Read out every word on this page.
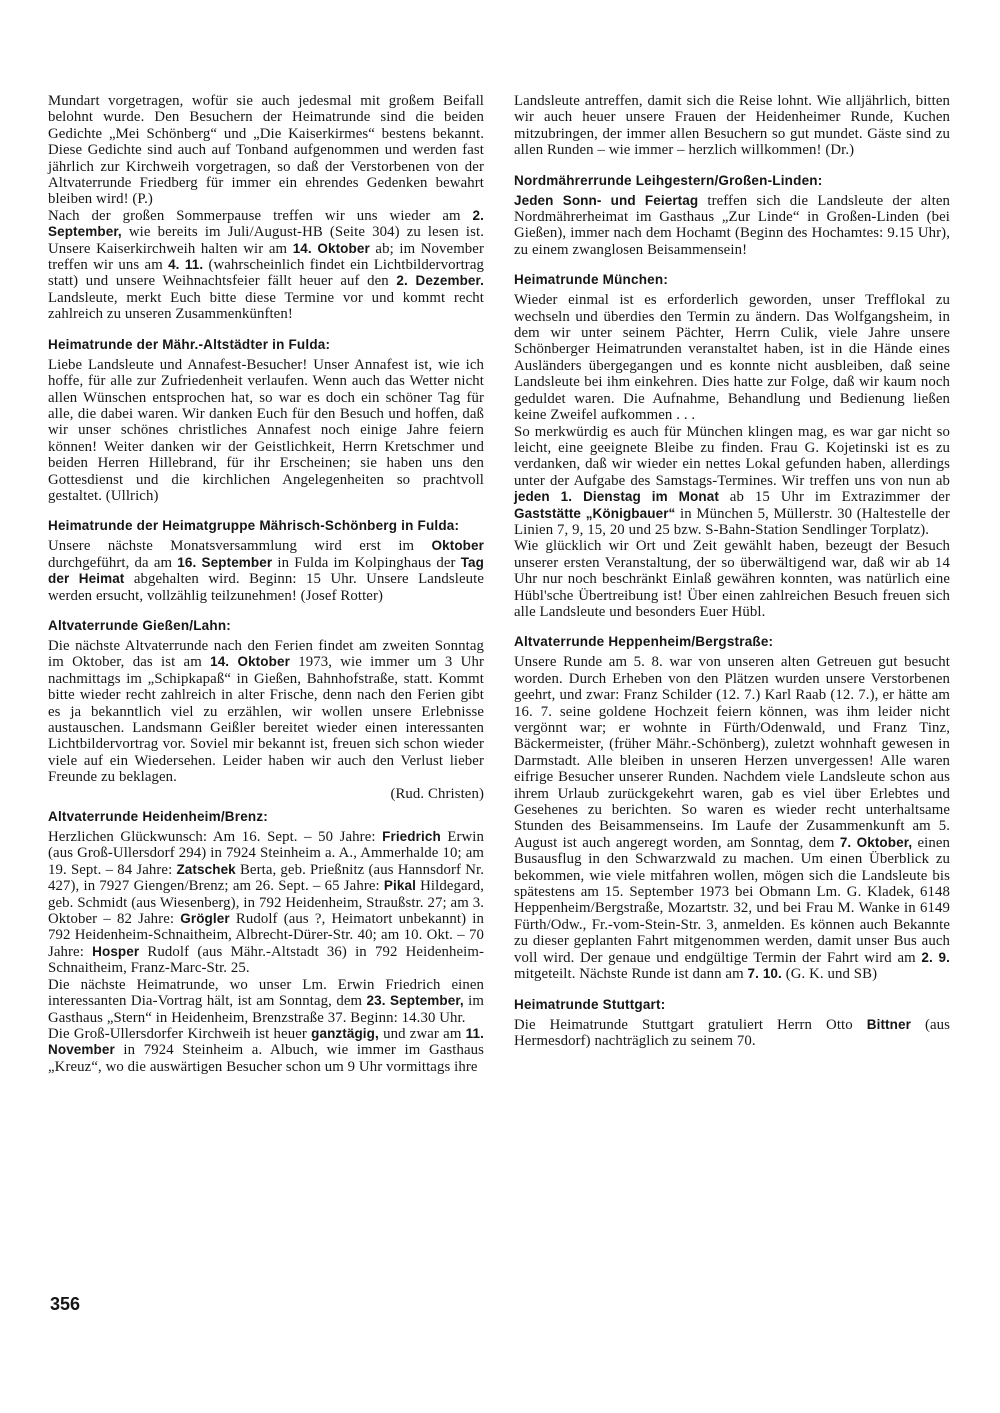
Mundart vorgetragen, wofür sie auch jedesmal mit großem Beifall belohnt wurde. Den Besuchern der Heimatrunde sind die beiden Gedichte „Mei Schönberg“ und „Die Kaiserkirmes“ bestens bekannt. Diese Gedichte sind auch auf Tonband aufgenommen und werden fast jährlich zur Kirchweih vorgetragen, so daß der Verstorbenen von der Altvaterrunde Friedberg für immer ein ehrendes Gedenken bewahrt bleiben wird! (P.)

Nach der großen Sommerpause treffen wir uns wieder am 2. September, wie bereits im Juli/August-HB (Seite 304) zu lesen ist. Unsere Kaiserkirchweih halten wir am 14. Oktober ab; im November treffen wir uns am 4. 11. (wahrscheinlich findet ein Lichtbildervortrag statt) und unsere Weihnachtsfeier fällt heuer auf den 2. Dezember. Landsleute, merkt Euch bitte diese Termine vor und kommt recht zahlreich zu unseren Zusammenkünften!

Heimatrunde der Mähr.-Altstädter in Fulda:

Liebe Landsleute und Annafest-Besucher! Unser Annafest ist, wie ich hoffe, für alle zur Zufriedenheit verlaufen. Wenn auch das Wetter nicht allen Wünschen entsprochen hat, so war es doch ein schöner Tag für alle, die dabei waren. Wir danken Euch für den Besuch und hoffen, daß wir unser schönes christliches Annafest noch einige Jahre feiern können! Weiter danken wir der Geistlichkeit, Herrn Kretschmer und beiden Herren Hillebrand, für ihr Erscheinen; sie haben uns den Gottesdienst und die kirchlichen Angelegenheiten so prachtvoll gestaltet. (Ullrich)

Heimatrunde der Heimatgruppe Mährisch-Schönberg in Fulda:

Unsere nächste Monatsversammlung wird erst im Oktober durchgeführt, da am 16. September in Fulda im Kolpinghaus der Tag der Heimat abgehalten wird. Beginn: 15 Uhr. Unsere Landsleute werden ersucht, vollzählig teilzunehmen! (Josef Rotter)

Altvaterrunde Gießen/Lahn:

Die nächste Altvaterrunde nach den Ferien findet am zweiten Sonntag im Oktober, das ist am 14. Oktober 1973, wie immer um 3 Uhr nachmittags im „Schipkapaß“ in Gießen, Bahnhofstraße, statt. Kommt bitte wieder recht zahlreich in alter Frische, denn nach den Ferien gibt es ja bekanntlich viel zu erzählen, wir wollen unsere Erlebnisse austauschen. Landsmann Geißler bereitet wieder einen interessanten Lichtbildervortrag vor. Soviel mir bekannt ist, freuen sich schon wieder viele auf ein Wiedersehen. Leider haben wir auch den Verlust lieber Freunde zu beklagen.

(Rud. Christen)

Altvaterrunde Heidenheim/Brenz:

Herzlichen Glückwunsch: Am 16. Sept. – 50 Jahre: Friedrich Erwin (aus Groß-Ullersdorf 294) in 7924 Steinheim a. A., Ammerhalde 10; am 19. Sept. – 84 Jahre: Zatschek Berta, geb. Prießnitz (aus Hannsdorf Nr. 427), in 7927 Giengen/Brenz; am 26. Sept. – 65 Jahre: Pikal Hildegard, geb. Schmidt (aus Wiesenberg), in 792 Heidenheim, Straußstr. 27; am 3. Oktober – 82 Jahre: Grögler Rudolf (aus ?, Heimatort unbekannt) in 792 Heidenheim-Schnaitheim, Albrecht-Dürer-Str. 40; am 10. Okt. – 70 Jahre: Hosper Rudolf (aus Mähr.-Altstadt 36) in 792 Heidenheim-Schnaitheim, Franz-Marc-Str. 25.

Die nächste Heimatrunde, wo unser Lm. Erwin Friedrich einen interessanten Dia-Vortrag hält, ist am Sonntag, dem 23. September, im Gasthaus „Stern“ in Heidenheim, Brenzstraße 37. Beginn: 14.30 Uhr.

Die Groß-Ullersdorfer Kirchweih ist heuer ganztägig, und zwar am 11. November in 7924 Steinheim a. Albuch, wie immer im Gasthaus „Kreuz“, wo die auswärtigen Besucher schon um 9 Uhr vormittags ihre

Landsleute antreffen, damit sich die Reise lohnt. Wie alljährlich, bitten wir auch heuer unsere Frauen der Heidenheimer Runde, Kuchen mitzubringen, der immer allen Besuchern so gut mundet. Gäste sind zu allen Runden – wie immer – herzlich willkommen! (Dr.)

Nordmährerrunde Leihgestern/Großen-Linden:

Jeden Sonn- und Feiertag treffen sich die Landsleute der alten Nordmährerheimat im Gasthaus „Zur Linde“ in Großen-Linden (bei Gießen), immer nach dem Hochamt (Beginn des Hochamtes: 9.15 Uhr), zu einem zwanglosen Beisammensein!

Heimatrunde München:

Wieder einmal ist es erforderlich geworden, unser Trefflokal zu wechseln und überdies den Termin zu ändern. Das Wolfgangsheim, in dem wir unter seinem Pächter, Herrn Culik, viele Jahre unsere Schönberger Heimatrunden veranstaltet haben, ist in die Hände eines Ausländers übergegangen und es konnte nicht ausbleiben, daß seine Landsleute bei ihm einkehren. Dies hatte zur Folge, daß wir kaum noch geduldet waren. Die Aufnahme, Behandlung und Bedienung ließen keine Zweifel aufkommen . . .

So merkwürdig es auch für München klingen mag, es war gar nicht so leicht, eine geeignete Bleibe zu finden. Frau G. Kojetinski ist es zu verdanken, daß wir wieder ein nettes Lokal gefunden haben, allerdings unter der Aufgabe des Samstags-Termines. Wir treffen uns von nun ab jeden 1. Dienstag im Monat ab 15 Uhr im Extrazimmer der Gaststätte „Königbauer“ in München 5, Müllerstr. 30 (Haltestelle der Linien 7, 9, 15, 20 und 25 bzw. S-Bahn-Station Sendlinger Torplatz).

Wie glücklich wir Ort und Zeit gewählt haben, bezeugt der Besuch unserer ersten Veranstaltung, der so überwältigend war, daß wir ab 14 Uhr nur noch beschränkt Einlaß gewähren konnten, was natürlich eine Hübl'sche Übertreibung ist! Über einen zahlreichen Besuch freuen sich alle Landsleute und besonders Euer Hübl.

Altvaterrunde Heppenheim/Bergstraße:

Unsere Runde am 5. 8. war von unseren alten Getreuen gut besucht worden. Durch Erheben von den Plätzen wurden unsere Verstorbenen geehrt, und zwar: Franz Schilder (12. 7.) Karl Raab (12. 7.), er hätte am 16. 7. seine goldene Hochzeit feiern können, was ihm leider nicht vergönnt war; er wohnte in Fürth/Odenwald, und Franz Tinz, Bäckermeister, (früher Mähr.-Schönberg), zuletzt wohnhaft gewesen in Darmstadt. Alle bleiben in unseren Herzen unvergessen! Alle waren eifrige Besucher unserer Runden. Nachdem viele Landsleute schon aus ihrem Urlaub zurückgekehrt waren, gab es viel über Erlebtes und Gesehenes zu berichten. So waren es wieder recht unterhaltsame Stunden des Beisammenseins. Im Laufe der Zusammenkunft am 5. August ist auch angeregt worden, am Sonntag, dem 7. Oktober, einen Busausflug in den Schwarzwald zu machen. Um einen Überblick zu bekommen, wie viele mitfahren wollen, mögen sich die Landsleute bis spätestens am 15. September 1973 bei Obmann Lm. G. Kladek, 6148 Heppenheim/Bergstraße, Mozartstr. 32, und bei Frau M. Wanke in 6149 Fürth/Odw., Fr.-vom-Stein-Str. 3, anmelden. Es können auch Bekannte zu dieser geplanten Fahrt mitgenommen werden, damit unser Bus auch voll wird. Der genaue und endgültige Termin der Fahrt wird am 2. 9. mitgeteilt. Nächste Runde ist dann am 7. 10. (G. K. und SB)

Heimatrunde Stuttgart:

Die Heimatrunde Stuttgart gratuliert Herrn Otto Bittner (aus Hermesdorf) nachträglich zu seinem 70.

356
